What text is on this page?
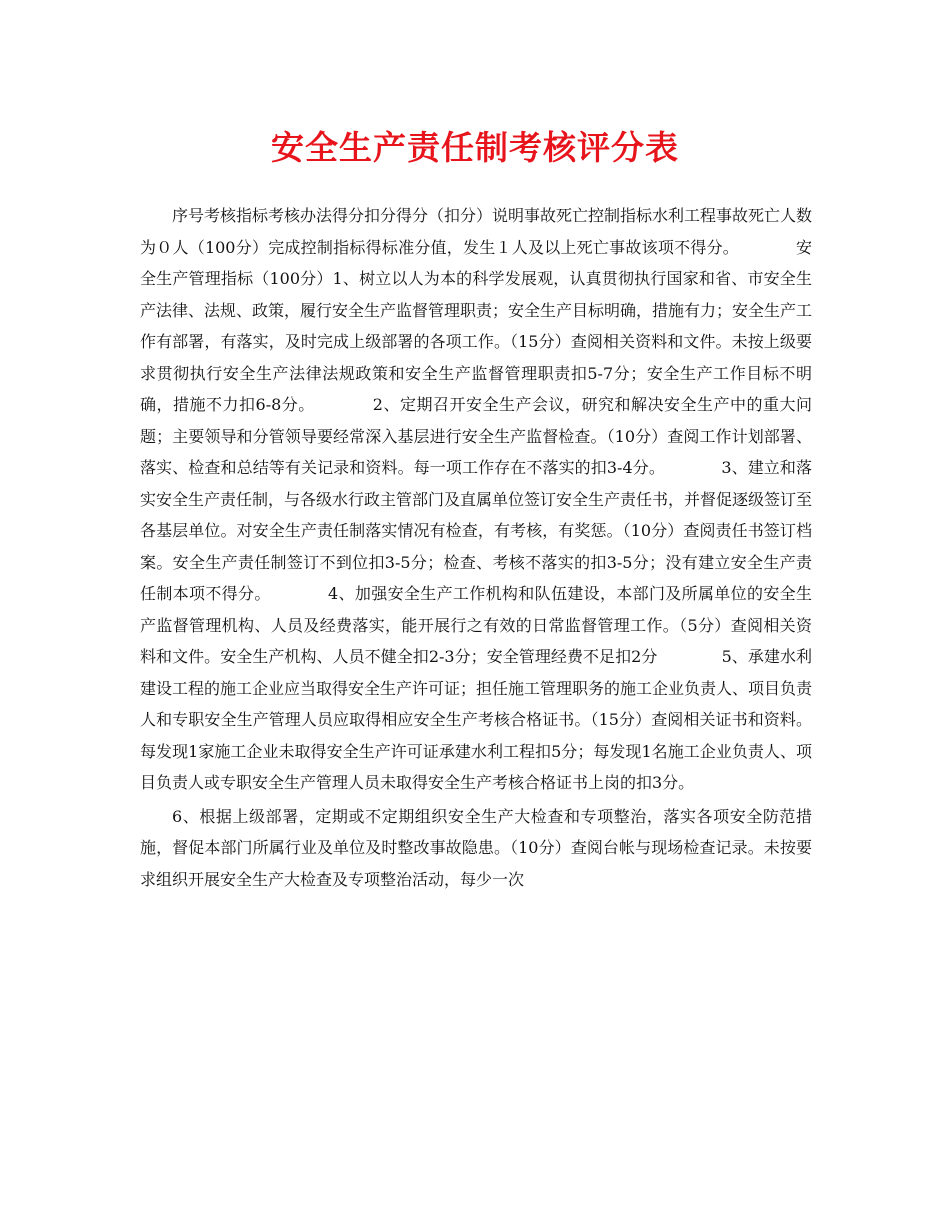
安全生产责任制考核评分表

序号考核指标考核办法得分扣分得分（扣分）说明事故死亡控制指标水利工程事故死亡人数为０人（100分）完成控制指标得标准分值，发生１人及以上死亡事故该项不得分。　　　　安全生产管理指标（100分）1、树立以人为本的科学发展观，认真贯彻执行国家和省、市安全生产法律、法规、政策，履行安全生产监督管理职责；安全生产目标明确，措施有力；安全生产工作有部署，有落实，及时完成上级部署的各项工作。（15分）查阅相关资料和文件。未按上级要求贯彻执行安全生产法律法规政策和安全生产监督管理职责扣5-7分；安全生产工作目标不明确，措施不力扣6-8分。　　　　2、定期召开安全生产会议，研究和解决安全生产中的重大问题；主要领导和分管领导要经常深入基层进行安全生产监督检查。（10分）查阅工作计划部署、落实、检查和总结等有关记录和资料。每一项工作存在不落实的扣3-4分。　　　　3、建立和落实安全生产责任制，与各级水行政主管部门及直属单位签订安全生产责任书，并督促逐级签订至各基层单位。对安全生产责任制落实情况有检查，有考核，有奖惩。（10分）查阅责任书签订档案。安全生产责任制签订不到位扣3-5分；检查、考核不落实的扣3-5分；没有建立安全生产责任制本项不得分。　　　　4、加强安全生产工作机构和队伍建设，本部门及所属单位的安全生产监督管理机构、人员及经费落实，能开展行之有效的日常监督管理工作。（5分）查阅相关资料和文件。安全生产机构、人员不健全扣2-3分；安全管理经费不足扣2分　　　　5、承建水利建设工程的施工企业应当取得安全生产许可证；担任施工管理职务的施工企业负责人、项目负责人和专职安全生产管理人员应取得相应安全生产考核合格证书。（15分）查阅相关证书和资料。每发现1家施工企业未取得安全生产许可证承建水利工程扣5分；每发现1名施工企业负责人、项目负责人或专职安全生产管理人员未取得安全生产考核合格证书上岗的扣3分。

6、根据上级部署，定期或不定期组织安全生产大检查和专项整治，落实各项安全防范措施，督促本部门所属行业及单位及时整改事故隐患。（10分）查阅台帐与现场检查记录。未按要求组织开展安全生产大检查及专项整治活动，每少一次
